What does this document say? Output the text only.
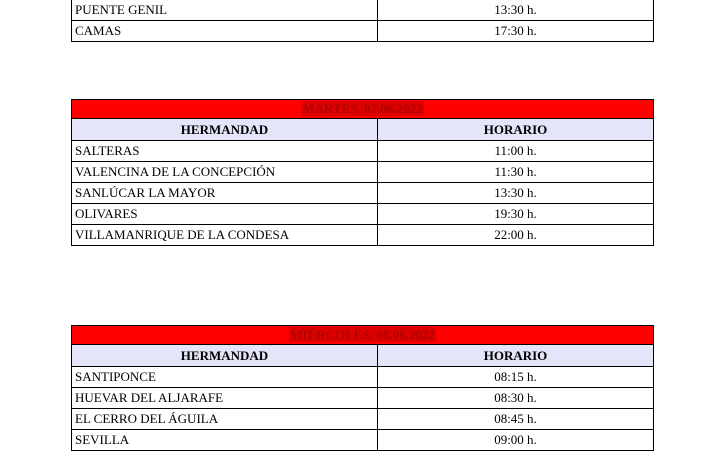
PUENTE GENIL	13:30 h.
CAMAS	17:30 h.
MARTES, 07.06.2022	
HERMANDAD	HORARIO
SALTERAS	11:00 h.
VALENCINA DE LA CONCEPCIÓN	11:30 h.
SANLÚCAR LA MAYOR	13:30 h.
OLIVARES	19:30 h.
VILLAMANRIQUE DE LA CONDESA	22:00 h.
MIÉRCOLES, 08.06.2022	
HERMANDAD	HORARIO
SANTIPONCE	08:15 h.
HUEVAR DEL ALJARAFE	08:30 h.
EL CERRO DEL ÁGUILA	08:45 h.
SEVILLA	09:00 h.
